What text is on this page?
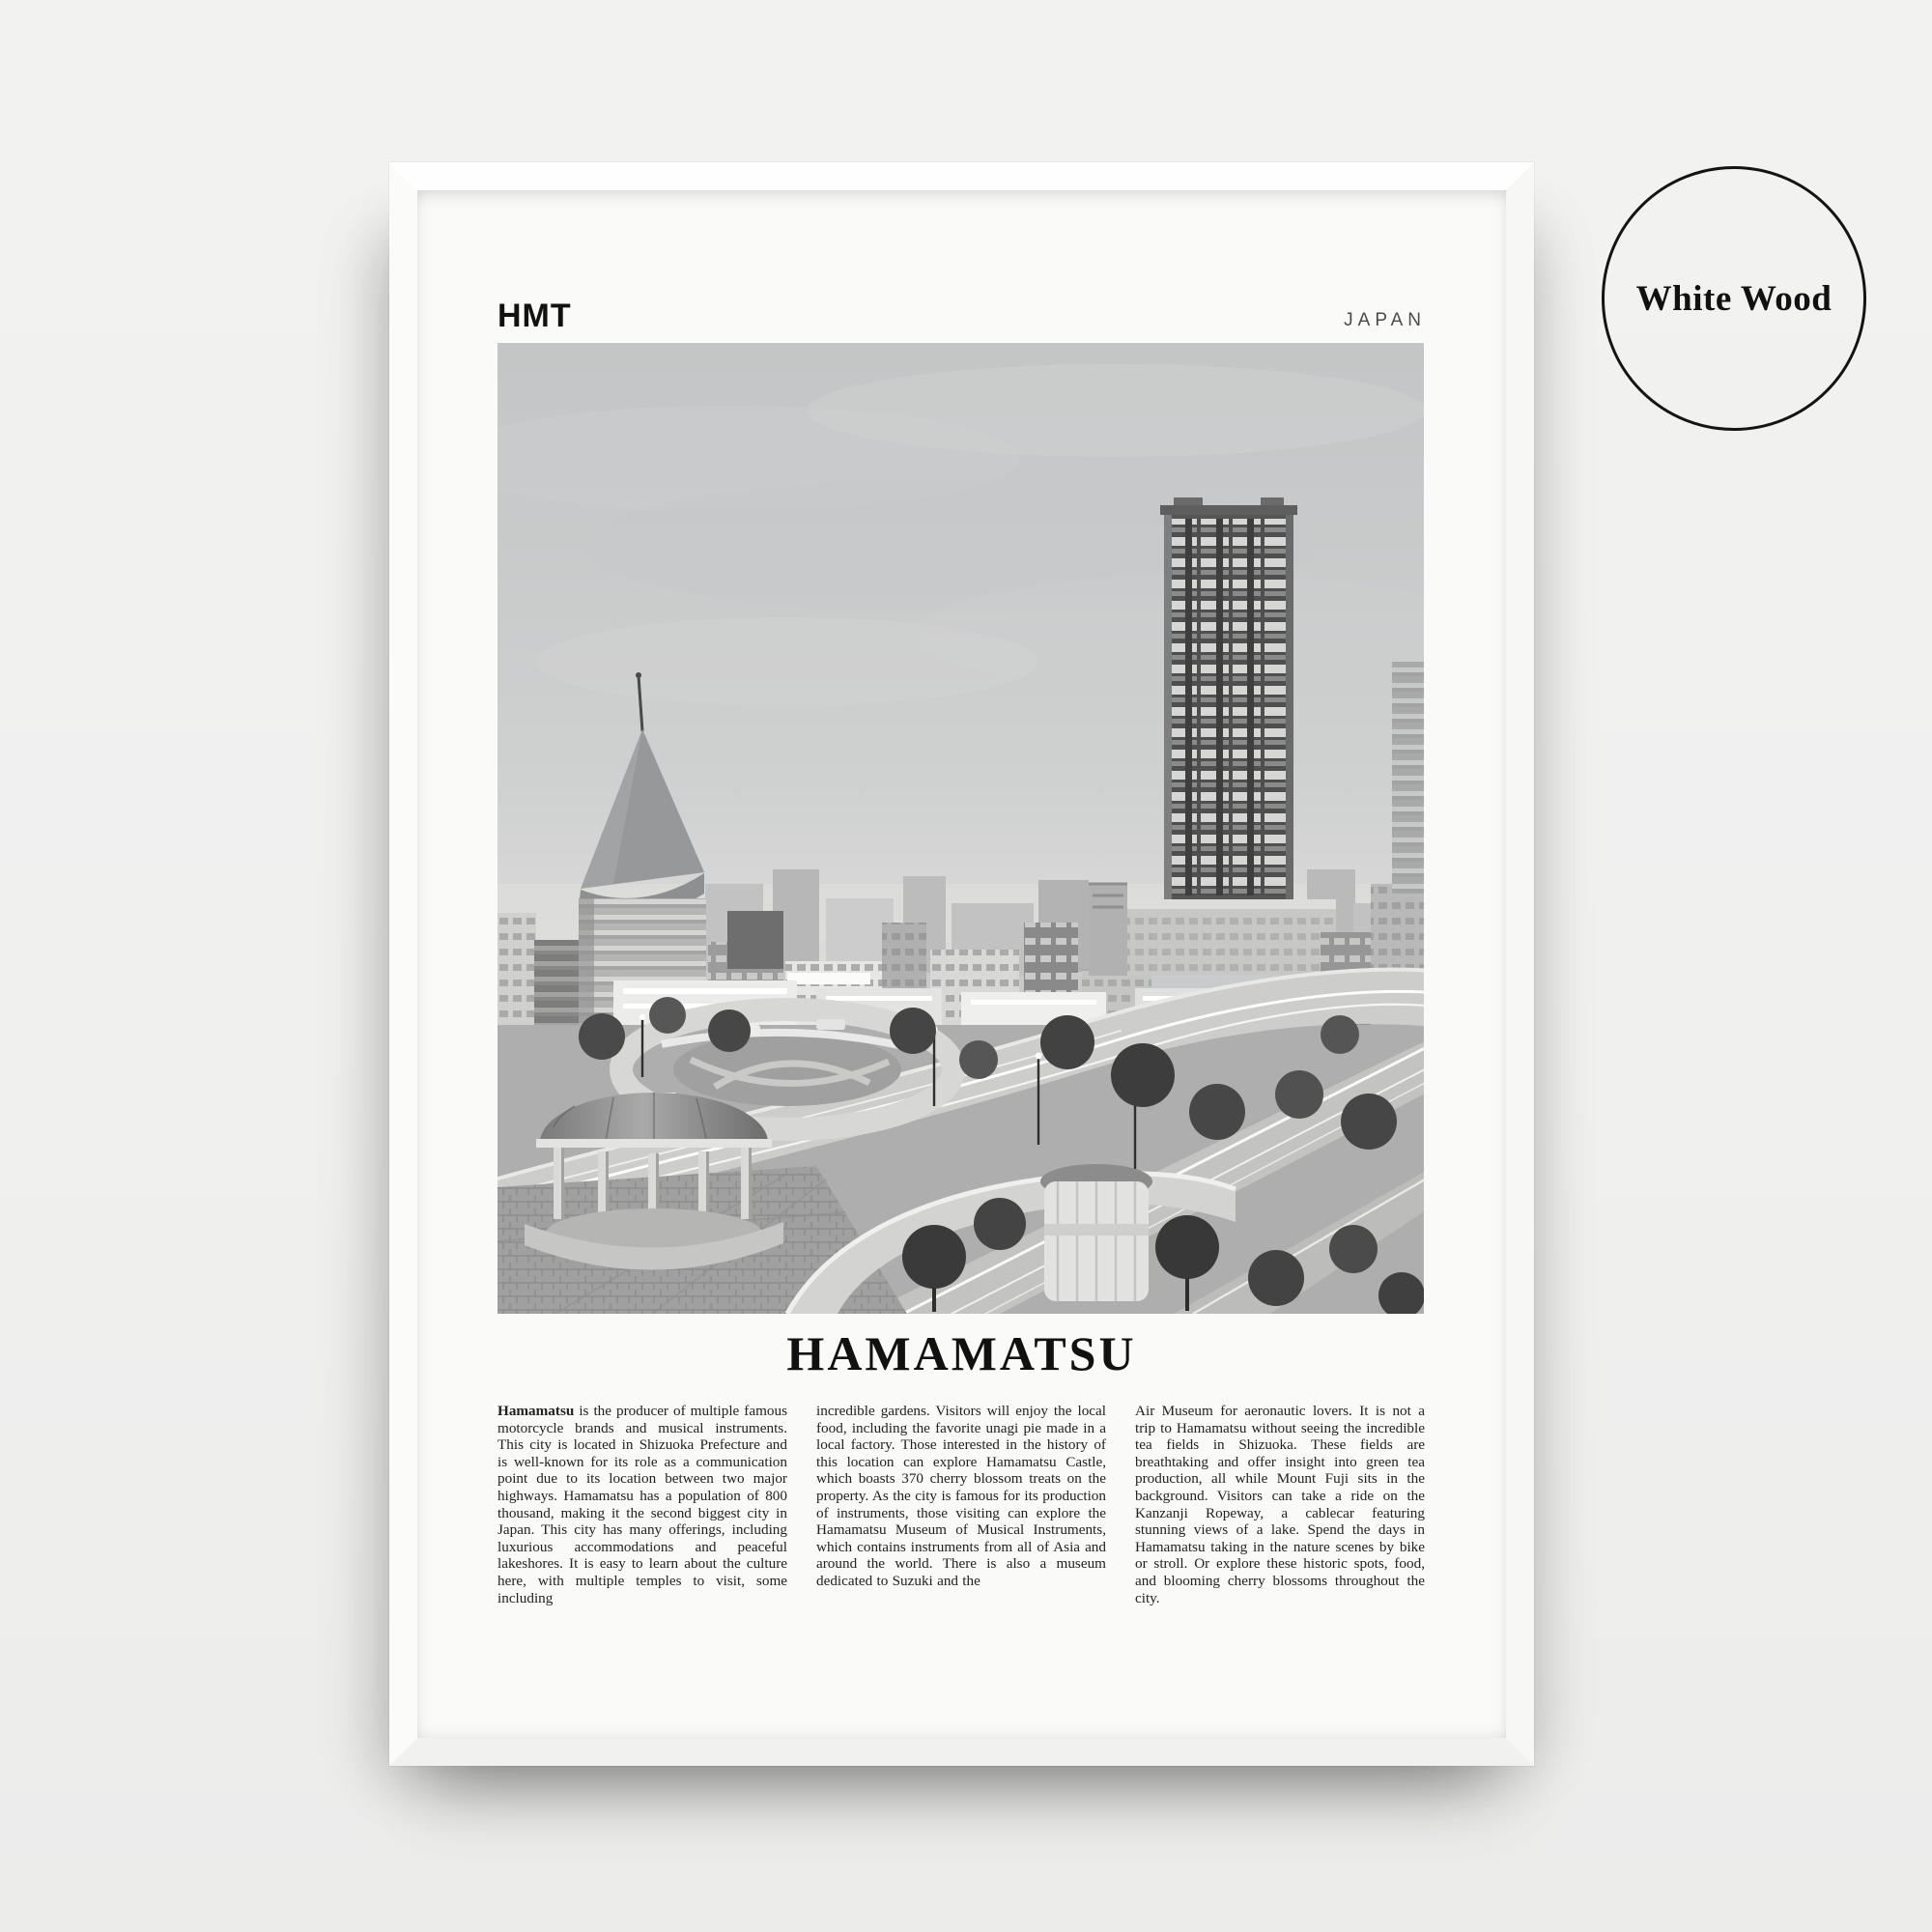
HMT	JAPAN
HAMAMATSU
Hamamatsu is the producer of multiple famous motorcycle brands and musical instruments. This city is located in Shizuoka Prefecture and is well-known for its role as a communication point due to its location between two major highways. Hamamatsu has a population of 800 thousand, making it the second biggest city in Japan. This city has many offerings, including luxurious accommodations and peaceful lakeshores. It is easy to learn about the culture here, with multiple temples to visit, some including
incredible gardens. Visitors will enjoy the local food, including the favorite unagi pie made in a local factory. Those interested in the history of this location can explore Hamamatsu Castle, which boasts 370 cherry blossom treats on the property. As the city is famous for its production of instruments, those visiting can explore the Hamamatsu Museum of Musical Instruments, which contains instruments from all of Asia and around the world. There is also a museum dedicated to Suzuki and the
Air Museum for aeronautic lovers. It is not a trip to Hamamatsu without seeing the incredible tea fields in Shizuoka. These fields are breathtaking and offer insight into green tea production, all while Mount Fuji sits in the background. Visitors can take a ride on the Kanzanji Ropeway, a cablecar featuring stunning views of a lake. Spend the days in Hamamatsu taking in the nature scenes by bike or stroll. Or explore these historic spots, food, and blooming cherry blossoms throughout the city.
White Wood
